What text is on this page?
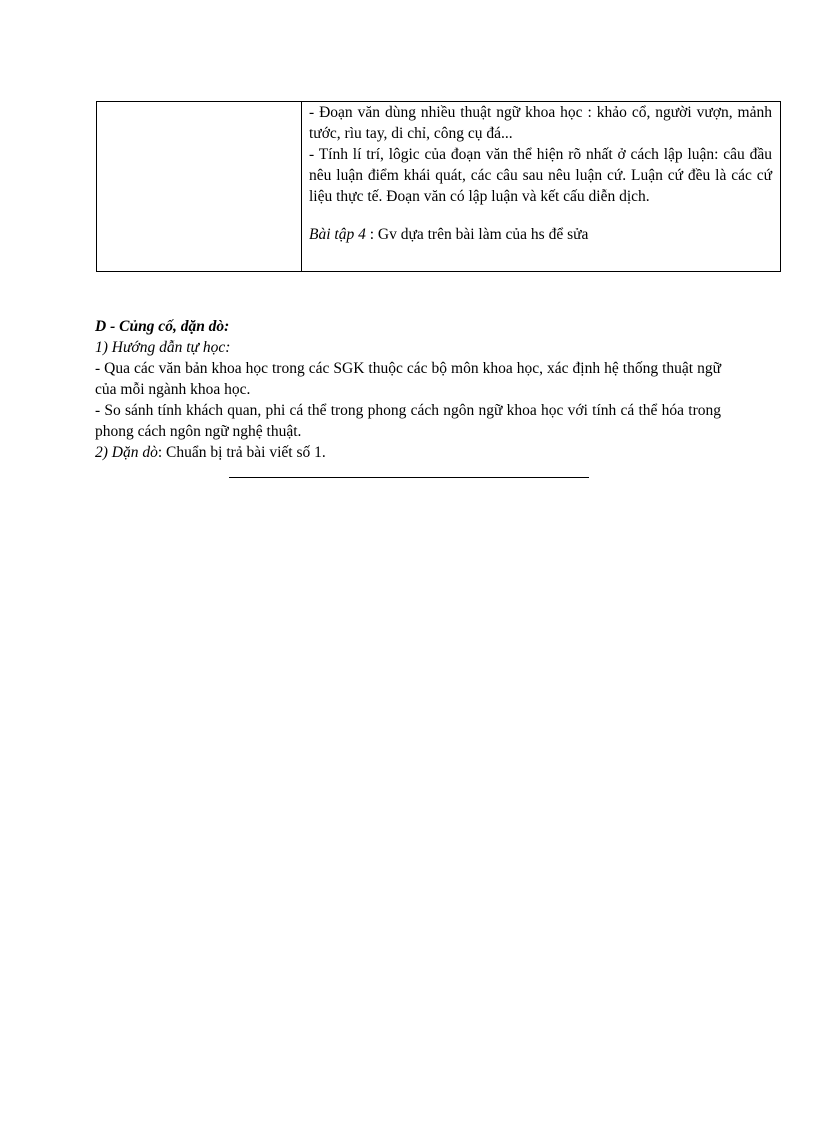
- Đoạn văn dùng nhiều thuật ngữ khoa học : khảo cổ, người vượn, mảnh tước, rìu tay, di chỉ, công cụ đá...

- Tính lí trí, lôgic của đoạn văn thể hiện rõ nhất ở cách lập luận: câu đầu nêu luận điểm khái quát, các câu sau nêu luận cứ. Luận cứ đều là các cứ liệu thực tế. Đoạn văn có lập luận và kết cấu diễn dịch.

Bài tập 4 : Gv dựa trên bài làm của hs để sửa

D - Củng cố, dặn dò:

1) Hướng dẫn tự học:

- Qua các văn bản khoa học trong các SGK thuộc các bộ môn khoa học, xác định hệ thống thuật ngữ của mỗi ngành khoa học.

- So sánh tính khách quan, phi cá thể trong phong cách ngôn ngữ khoa học với tính cá thể hóa trong phong cách ngôn ngữ nghệ thuật.

2) Dặn dò: Chuẩn bị trả bài viết số 1.
